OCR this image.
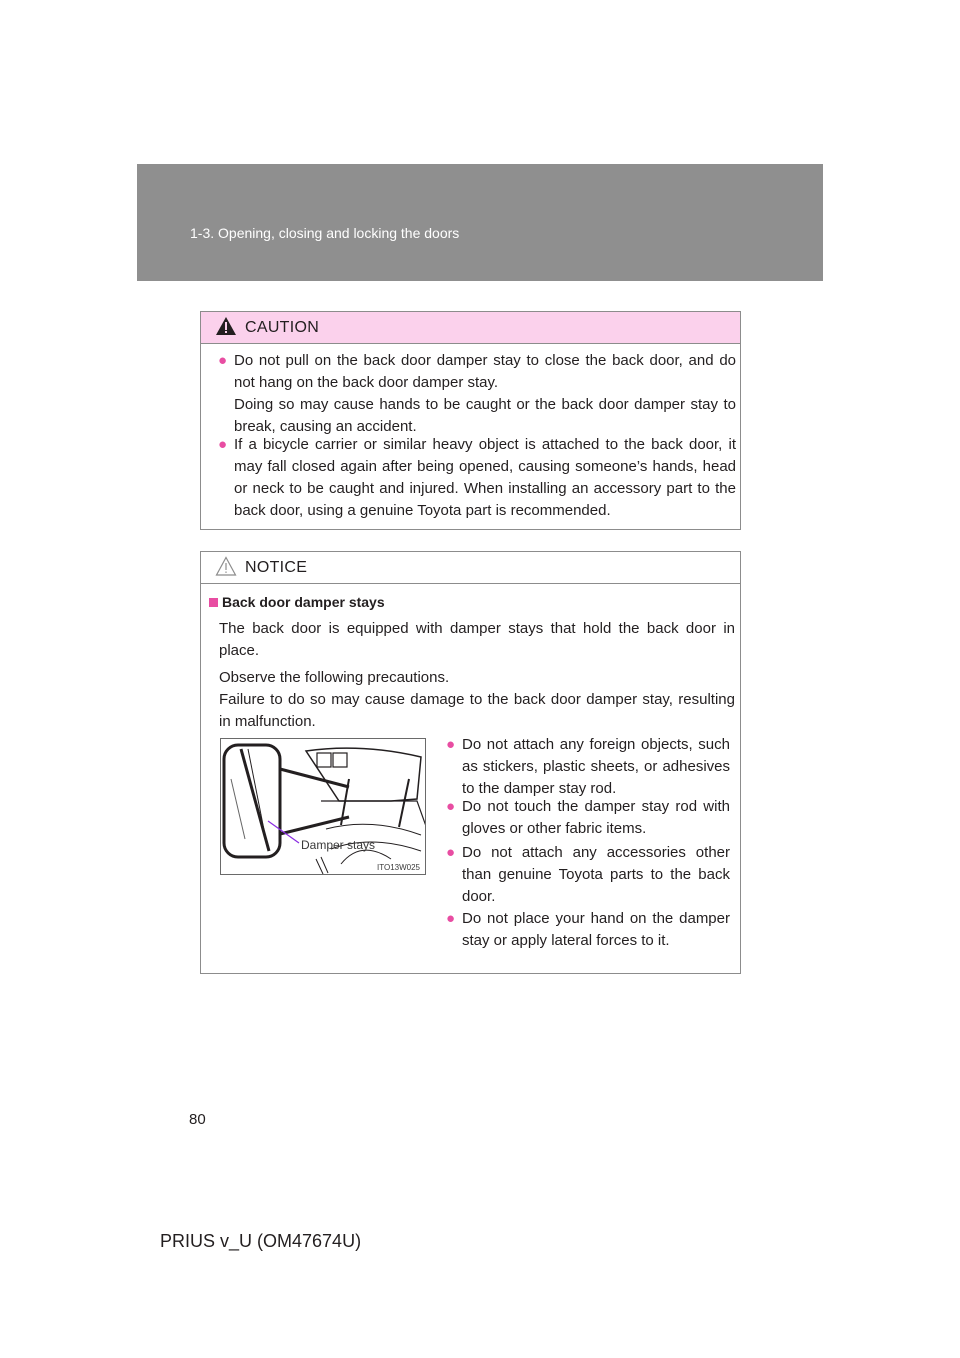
1-3. Opening, closing and locking the doors
CAUTION
● Do not pull on the back door damper stay to close the back door, and do not hang on the back door damper stay.

Doing so may cause hands to be caught or the back door damper stay to break, causing an accident.

● If a bicycle carrier or similar heavy object is attached to the back door, it may fall closed again after being opened, causing someone’s hands, head or neck to be caught and injured. When installing an accessory part to the back door, using a genuine Toyota part is recommended.

NOTICE
Back door damper stays
The back door is equipped with damper stays that hold the back door in place.
Observe the following precautions.
Failure to do so may cause damage to the back door damper stay, resulting in malfunction.
Damper stays
ITO13W025
● Do not attach any foreign objects, such as stickers, plastic sheets, or adhesives to the damper stay rod.

● Do not touch the damper stay rod with gloves or other fabric items.

● Do not attach any accessories other than genuine Toyota parts to the back door.

● Do not place your hand on the damper stay or apply lateral forces to it.

80
PRIUS v_U (OM47674U)
